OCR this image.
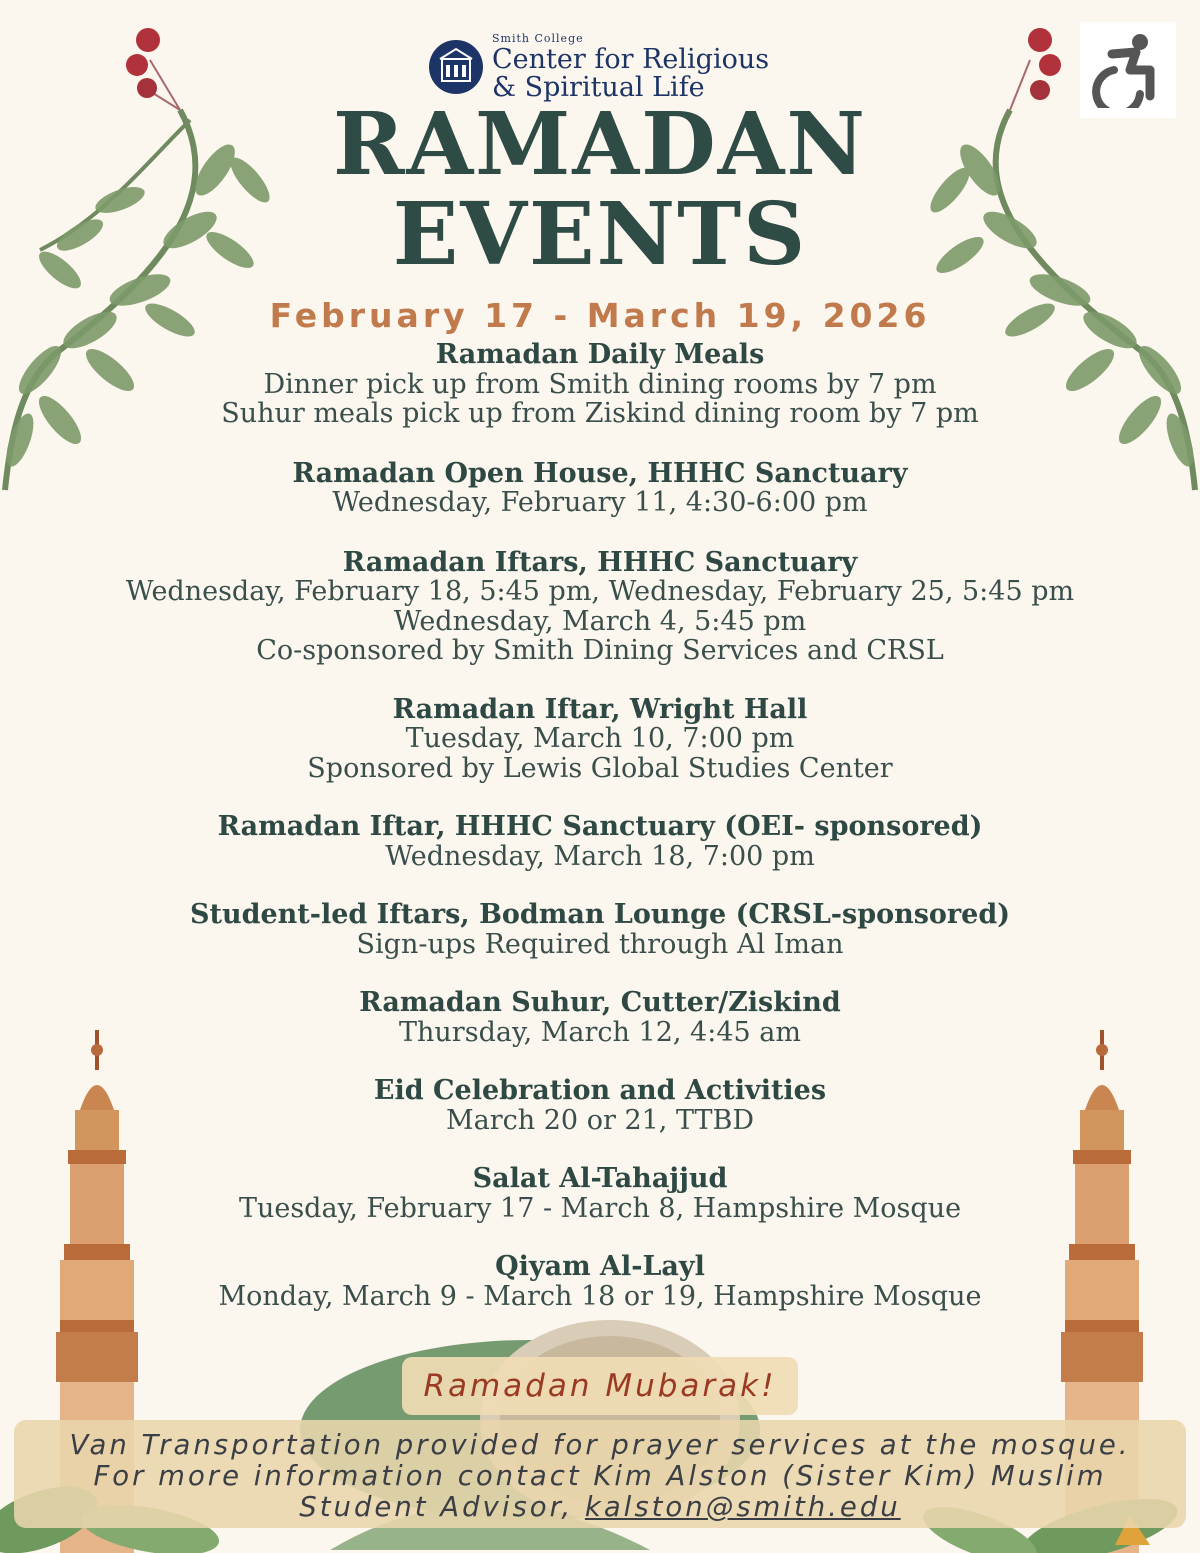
Smith College
Center for Religious
& Spiritual Life
RAMADAN
EVENTS
February 17 - March 19, 2026
Ramadan Daily Meals
Dinner pick up from Smith dining rooms by 7 pm
Suhur meals pick up from Ziskind dining room by 7 pm
Ramadan Open House, HHHC Sanctuary
Wednesday, February 11, 4:30-6:00 pm
Ramadan Iftars, HHHC Sanctuary
Wednesday, February 18, 5:45 pm, Wednesday, February 25, 5:45 pm
Wednesday, March 4, 5:45 pm
Co-sponsored by Smith Dining Services and CRSL
Ramadan Iftar, Wright Hall
Tuesday, March 10, 7:00 pm
Sponsored by Lewis Global Studies Center
Ramadan Iftar, HHHC Sanctuary (OEI- sponsored)
Wednesday, March 18, 7:00 pm
Student-led Iftars, Bodman Lounge (CRSL-sponsored)
Sign-ups Required through Al Iman
Ramadan Suhur, Cutter/Ziskind
Thursday, March 12, 4:45 am
Eid Celebration and Activities
March 20 or 21, TTBD
Salat Al-Tahajjud
Tuesday, February 17 - March 8, Hampshire Mosque
Qiyam Al-Layl
Monday, March 9 - March 18 or 19, Hampshire Mosque
Ramadan Mubarak!
Van Transportation provided for prayer services at the mosque.
For more information contact Kim Alston (Sister Kim) Muslim
Student Advisor, kalston@smith.edu
